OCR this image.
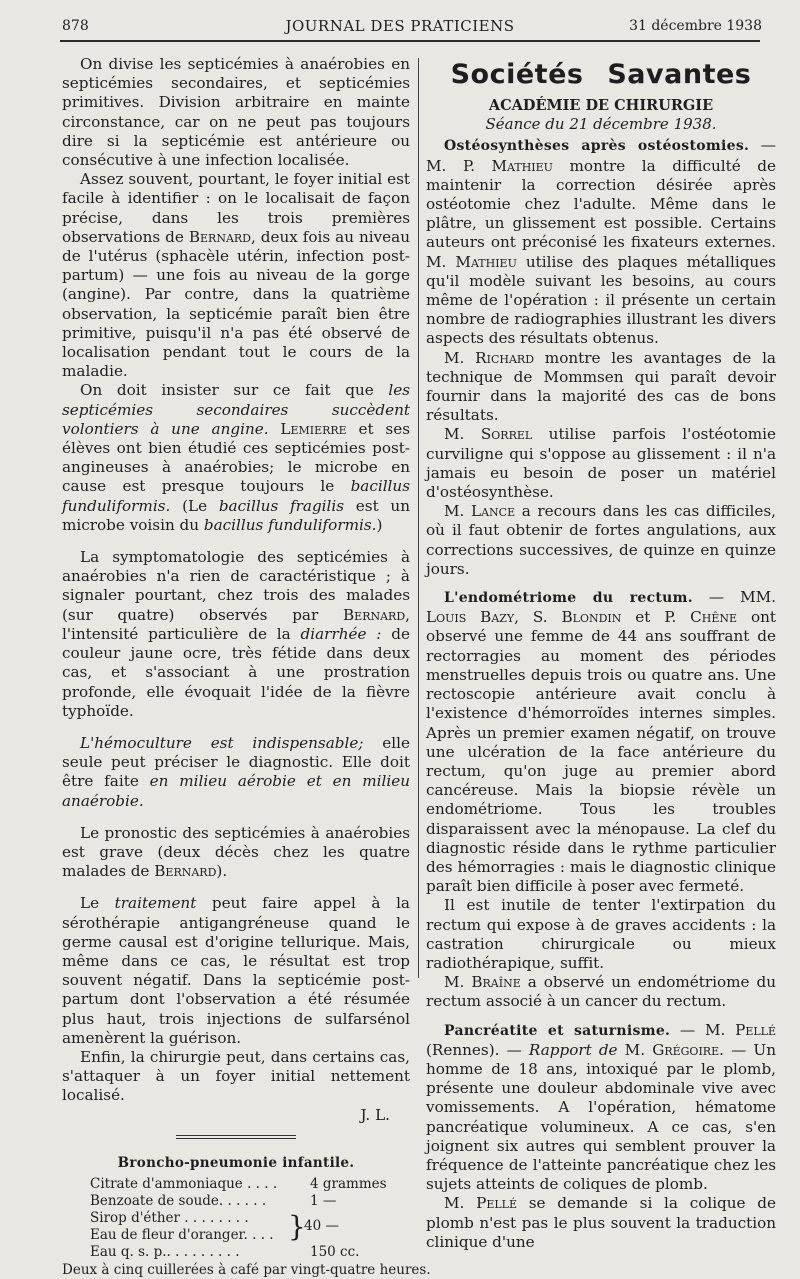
878	JOURNAL DES PRATICIENS	31 décembre 1938

On divise les septicémies à anaérobies en septicémies secondaires, et septicémies primitives. Division arbitraire en mainte circonstance, car on ne peut pas toujours dire si la septicémie est antérieure ou consécutive à une infection localisée.

Assez souvent, pourtant, le foyer initial est facile à identifier : on le localisait de façon précise, dans les trois premières observations de Bernard, deux fois au niveau de l'utérus (sphacèle utérin, infection post-partum) — une fois au niveau de la gorge (angine). Par contre, dans la quatrième observation, la septicémie paraît bien être primitive, puisqu'il n'a pas été observé de localisation pendant tout le cours de la maladie.

On doit insister sur ce fait que les septicémies secondaires succèdent volontiers à une angine. Lemierre et ses élèves ont bien étudié ces septicémies post-angineuses à anaérobies; le microbe en cause est presque toujours le bacillus funduliformis. (Le bacillus fragilis est un microbe voisin du bacillus funduliformis.)

La symptomatologie des septicémies à anaérobies n'a rien de caractéristique ; à signaler pourtant, chez trois des malades (sur quatre) observés par Bernard, l'intensité particulière de la diarrhée : de couleur jaune ocre, très fétide dans deux cas, et s'associant à une prostration profonde, elle évoquait l'idée de la fièvre typhoïde.

L'hémoculture est indispensable; elle seule peut préciser le diagnostic. Elle doit être faite en milieu aérobie et en milieu anaérobie.

Le pronostic des septicémies à anaérobies est grave (deux décès chez les quatre malades de Bernard).

Le traitement peut faire appel à la sérothérapie antigangréneuse quand le germe causal est d'origine tellurique. Mais, même dans ce cas, le résultat est trop souvent négatif. Dans la septicémie post-partum dont l'observation a été résumée plus haut, trois injections de sulfarsénol amenèrent la guérison.

Enfin, la chirurgie peut, dans certains cas, s'attaquer à un foyer initial nettement localisé.

J. L.

Broncho-pneumonie infantile.
Citrate d'ammoniaque . . . . 4 grammes
Benzoate de soude. . . . . .	1 —
Sirop d'éther . . . . . . . .
Eau de fleur d'oranger. . . . }
40 —
Eau q. s. p.. . . . . . . . .	150 cc.
Deux à cinq cuillerées à café par vingt-quatre heures.
Sociétés Savantes
ACADÉMIE DE CHIRURGIE
Séance du 21 décembre 1938.

Ostéosynthèses après ostéostomies. — M. P. Mathieu montre la difficulté de maintenir la correction désirée après ostéotomie chez l'adulte. Même dans le plâtre, un glissement est possible. Certains auteurs ont préconisé les fixateurs externes. M. Mathieu utilise des plaques métalliques qu'il modèle suivant les besoins, au cours même de l'opération : il présente un certain nombre de radiographies illustrant les divers aspects des résultats obtenus.

M. Richard montre les avantages de la technique de Mommsen qui paraît devoir fournir dans la majorité des cas de bons résultats.

M. Sorrel utilise parfois l'ostéotomie curviligne qui s'oppose au glissement : il n'a jamais eu besoin de poser un matériel d'ostéosynthèse.

M. Lance a recours dans les cas difficiles, où il faut obtenir de fortes angulations, aux corrections successives, de quinze en quinze jours.

L'endométriome du rectum. — MM. Louis Bazy, S. Blondin et P. Chêne ont observé une femme de 44 ans souffrant de rectorragies au moment des périodes menstruelles depuis trois ou quatre ans. Une rectoscopie antérieure avait conclu à l'existence d'hémorroïdes internes simples. Après un premier examen négatif, on trouve une ulcération de la face antérieure du rectum, qu'on juge au premier abord cancéreuse. Mais la biopsie révèle un endométriome. Tous les troubles disparaissent avec la ménopause. La clef du diagnostic réside dans le rythme particulier des hémorragies : mais le diagnostic clinique paraît bien difficile à poser avec fermeté.

Il est inutile de tenter l'extirpation du rectum qui expose à de graves accidents : la castration chirurgicale ou mieux radiothérapique, suffit.

M. Braîne a observé un endométriome du rectum associé à un cancer du rectum.

Pancréatite et saturnisme. — M. Pellé (Rennes). — Rapport de M. Grégoire. — Un homme de 18 ans, intoxiqué par le plomb, présente une douleur abdominale vive avec vomissements. A l'opération, hématome pancréatique volumineux. A ce cas, s'en joignent six autres qui semblent prouver la fréquence de l'atteinte pancréatique chez les sujets atteints de coliques de plomb.

M. Pellé se demande si la colique de plomb n'est pas le plus souvent la traduction clinique d'une
